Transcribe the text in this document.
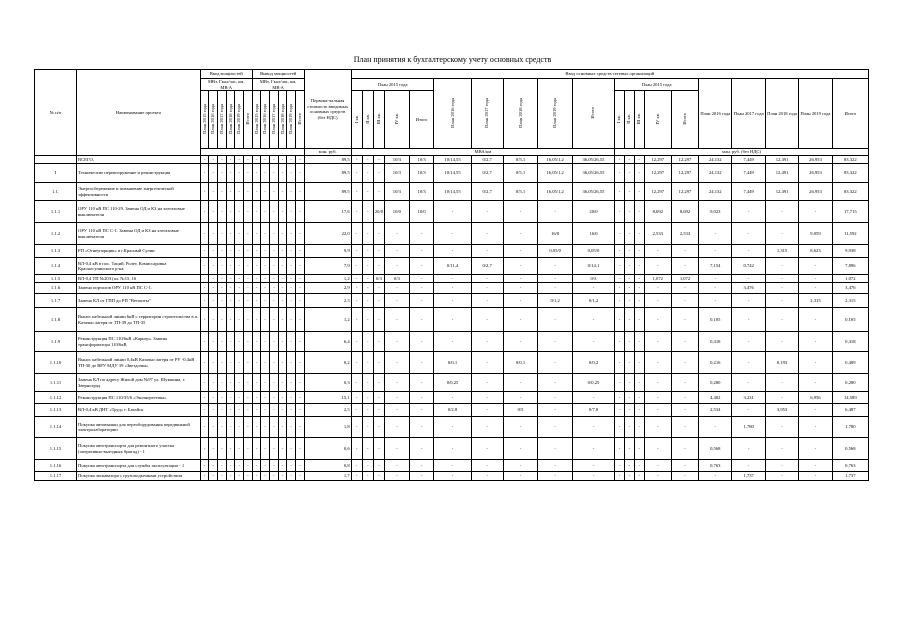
План принятия к бухгалтерскому учету основных средств
№ п/п	Наименование проекта	Ввод мощностей						Вывод мощностей						Первона-чальная стоимость вводимых основных средств (без НДС)	Ввод основных средств сетевых организаций																			
		МВт, Гкал/час, км, МВ∙А						МВт, Гкал/час, км, МВ∙А							План 2015 года					План 2016 года	План 2017 года	План 2018 года	План 2019 года	Итого	План 2015 года					План 2016 года	План 2017 года	План 2018 года	План 2019 года	Итого
		План 2015 года	План 2016 года	План 2017 года	План 2018 года	План 2019 года	Итого	План 2015 года	План 2016 года	План 2017 года	План 2018 года	План 2019 года	Итого		I кв.	II кв.	III кв.	IV кв.	Итого						I кв.	II кв.	III кв.	IV кв.	Итого					
														млн. руб.	МВА/км										млн. руб. (без НДС)									
	ВСЕГО,	-	-	-	-	-	-	-	-	-	-	-	-	89,5	-	-	-	10/3	10/3	10/14,55	0/2,7	0/5,1	16,05/1,2	36,05/26,55	-	-	-	12,297	12,297	24,132	7,449	12,491	26,953	83,322
I	Технические перевооружение и реконструкция	-	-	-	-	-	-	-	-	-	-	-	-	89,5	-	-	-	10/3	10/3	10/14,55	0/2,7	0/5,1	16,05/1,2	36,05/26,55	-	-	-	12,297	12,297	24,132	7,449	12,491	26,953	83,322
1.1.	Энергосбережение и повышение энергетической эффективности	-	-	-	-	-	-	-	-	-	-	-	-	89,5	-	-	-	10/3	10/3	10/14,55	0/2,7	0/5,1	16,05/1,2	36,05/26,55	-	-	-	12,297	12,297	24,132	7,449	12,491	26,953	83,322
1.1.1	ОРУ 110 кВ ПС 110-29. Замена ОД и КЗ на элегазовые выключатели	-	-	-	-	-	-	-	-	-	-	-	-	17,6	-	-	20/0	10/0	10/0	-	-	-	-	20/0	-	-	-	8,692	8,692	9,023	-	-	-	17,715
1.1.2	ОРУ 110 кВ ПС С-1. Замена ОД и КЗ на элегазовые выключатели	-	-	-	-	-	-	-	-	-	-	-	-	22,0	-	-	-	-	-	-	-	-	16/0	16/0	-	-	-	2,533	2,533	-	-	-	9,059	11,592
1.1.3	РП «Огнеупорщик» в г.Красный Сулин	-	-	-	-	-	-	-	-	-	-	-	-	9,9	-	-	-	-	-	-	-	-	0,05/0	0,05/0	-	-	-	-	-	-	-	1,315	8,623	9,938
1.1.4	ВЛ-0,4 кВ в пос. Таций, Ролет, Комиссаровка Красносулинского р-на	-	-	-	-	-	-	-	-	-	-	-	-	7,9	-	-	-	-	-	0/11,4	0/2,7	-	-	0/14,1	-	-	-	-	-	7,154	0,742	-	-	7,896
1.1.5	ВЛ-0,4 ТП №203 (ал. №15, 16	-	-	-	-	-	-	-	-	-	-	-	-	1,2	-	-	0/3	0/3	-	-	-	-	-	0/3	-	-	-	1,072	1,072	-	-	-	-	1,072
1.1.6	Замена порталов ОРУ 110 кВ ПС С-1.	-	-	-	-	-	-	-	-	-	-	-	-	2,9	-	-	-	-	-	-	-	-	-	-	-	-	-	-	-	-	3,476	-	-	3,476
1.1.7	Замена КЛ от ГПП до РП "Ветошты"	-	-	-	-	-	-	-	-	-	-	-	-	2,3	-	-	-	-	-	-	-	-	0/1,2	0/1,2	-	-	-	-	-	-	-	-	2,315	2,315
1.1.8	Вынос кабельной линии 6кВ с территории строительства в п. Казачьи лагеря от ТП-39 до ТП-35	-	-	-	-	-	-	-	-	-	-	-	-	1,2	-	-	-	-	-	-	-	-	-	-	-	-	-	-	-	0,105	-	-	-	0,105
1.1.9	Реконструкция ПС 110/6кВ «Карьер». Замена трансформатора 110/6кВ	-	-	-	-	-	-	-	-	-	-	-	-	6,4	-	-	-	-	-	-	-	-	-	-	-	-	-	-	-	0,418	-	-	-	0,418
1.1.10	Вынос кабельной линии 0,4кВ Казачьи лагеря от РУ -0,4кВ ТП-30 до ВРУ МДУ 39 «Звездочка»	-	-	-	-	-	-	-	-	-	-	-	-	0,2	-	-	-	-	-	0/0,1	-	0/0,1	-	0/0,2	-	-	-	-	-	0,216	-	0,193	-	0,409
1.1.11	Замена КЛ по адресу Жилой дом №97 ул. Шукшина, г. Зверноград	-	-	-	-	-	-	-	-	-	-	-	-	0,3	-	-	-	-	-	0/0,25	-	-	-	0/0,25	-	-	-	-	-	0,280	-	-	-	0,280
1.1.12	Реконструкция ПС 110/35/6 «Экоэнергетика»	-	-	-	-	-	-	-	-	-	-	-	-	15,1	-	-	-	-	-	-	-	-	-	-	-	-	-	-	-	4,402	3,231	-	6,956	14,589
1.1.13	ВЛ-0,4 кВ ДНТ «Труд» г. Батайск	-	-	-	-	-	-	-	-	-	-	-	-	2,5	-	-	-	-	-	0/2,8	-	0/5	-	0/7,8	-	-	-	-	-	2,534	-	3,953	-	6,487
1.1.14	Покупка автовышки для переоборудования передвижной электролаборатории	-	-	-	-	-	-	-	-	-	-	-	-	1,8	-	-	-	-	-	-	-	-	-	-	-	-	-	-	-	-	1,780	-	-	1,780
1.1.15	Покупка автотранспорта для ремонтного участка (оперативно-выездных бригад) - 1	-	-	-	-	-	-	-	-	-	-	-	-	0,6	-	-	-	-	-	-	-	-	-	-	-	-	-	-	-	0,568	-	-	-	0,568
1.1.16	Покупка автотранспорта для службы эксплуатации - 1	-	-	-	-	-	-	-	-	-	-	-	-	0,8	-	-	-	-	-	-	-	-	-	-	-	-	-	-	-	0,763	-	-	-	0,763
1.1.17	Покупка экскаватора с грузоподъемным устройством	-	-	-	-	-	-	-	-	-	-	-	-	1,7	-	-	-	-	-	-	-	-	-	-	-	-	-	-	-	-	1,737	-	-	1,737
